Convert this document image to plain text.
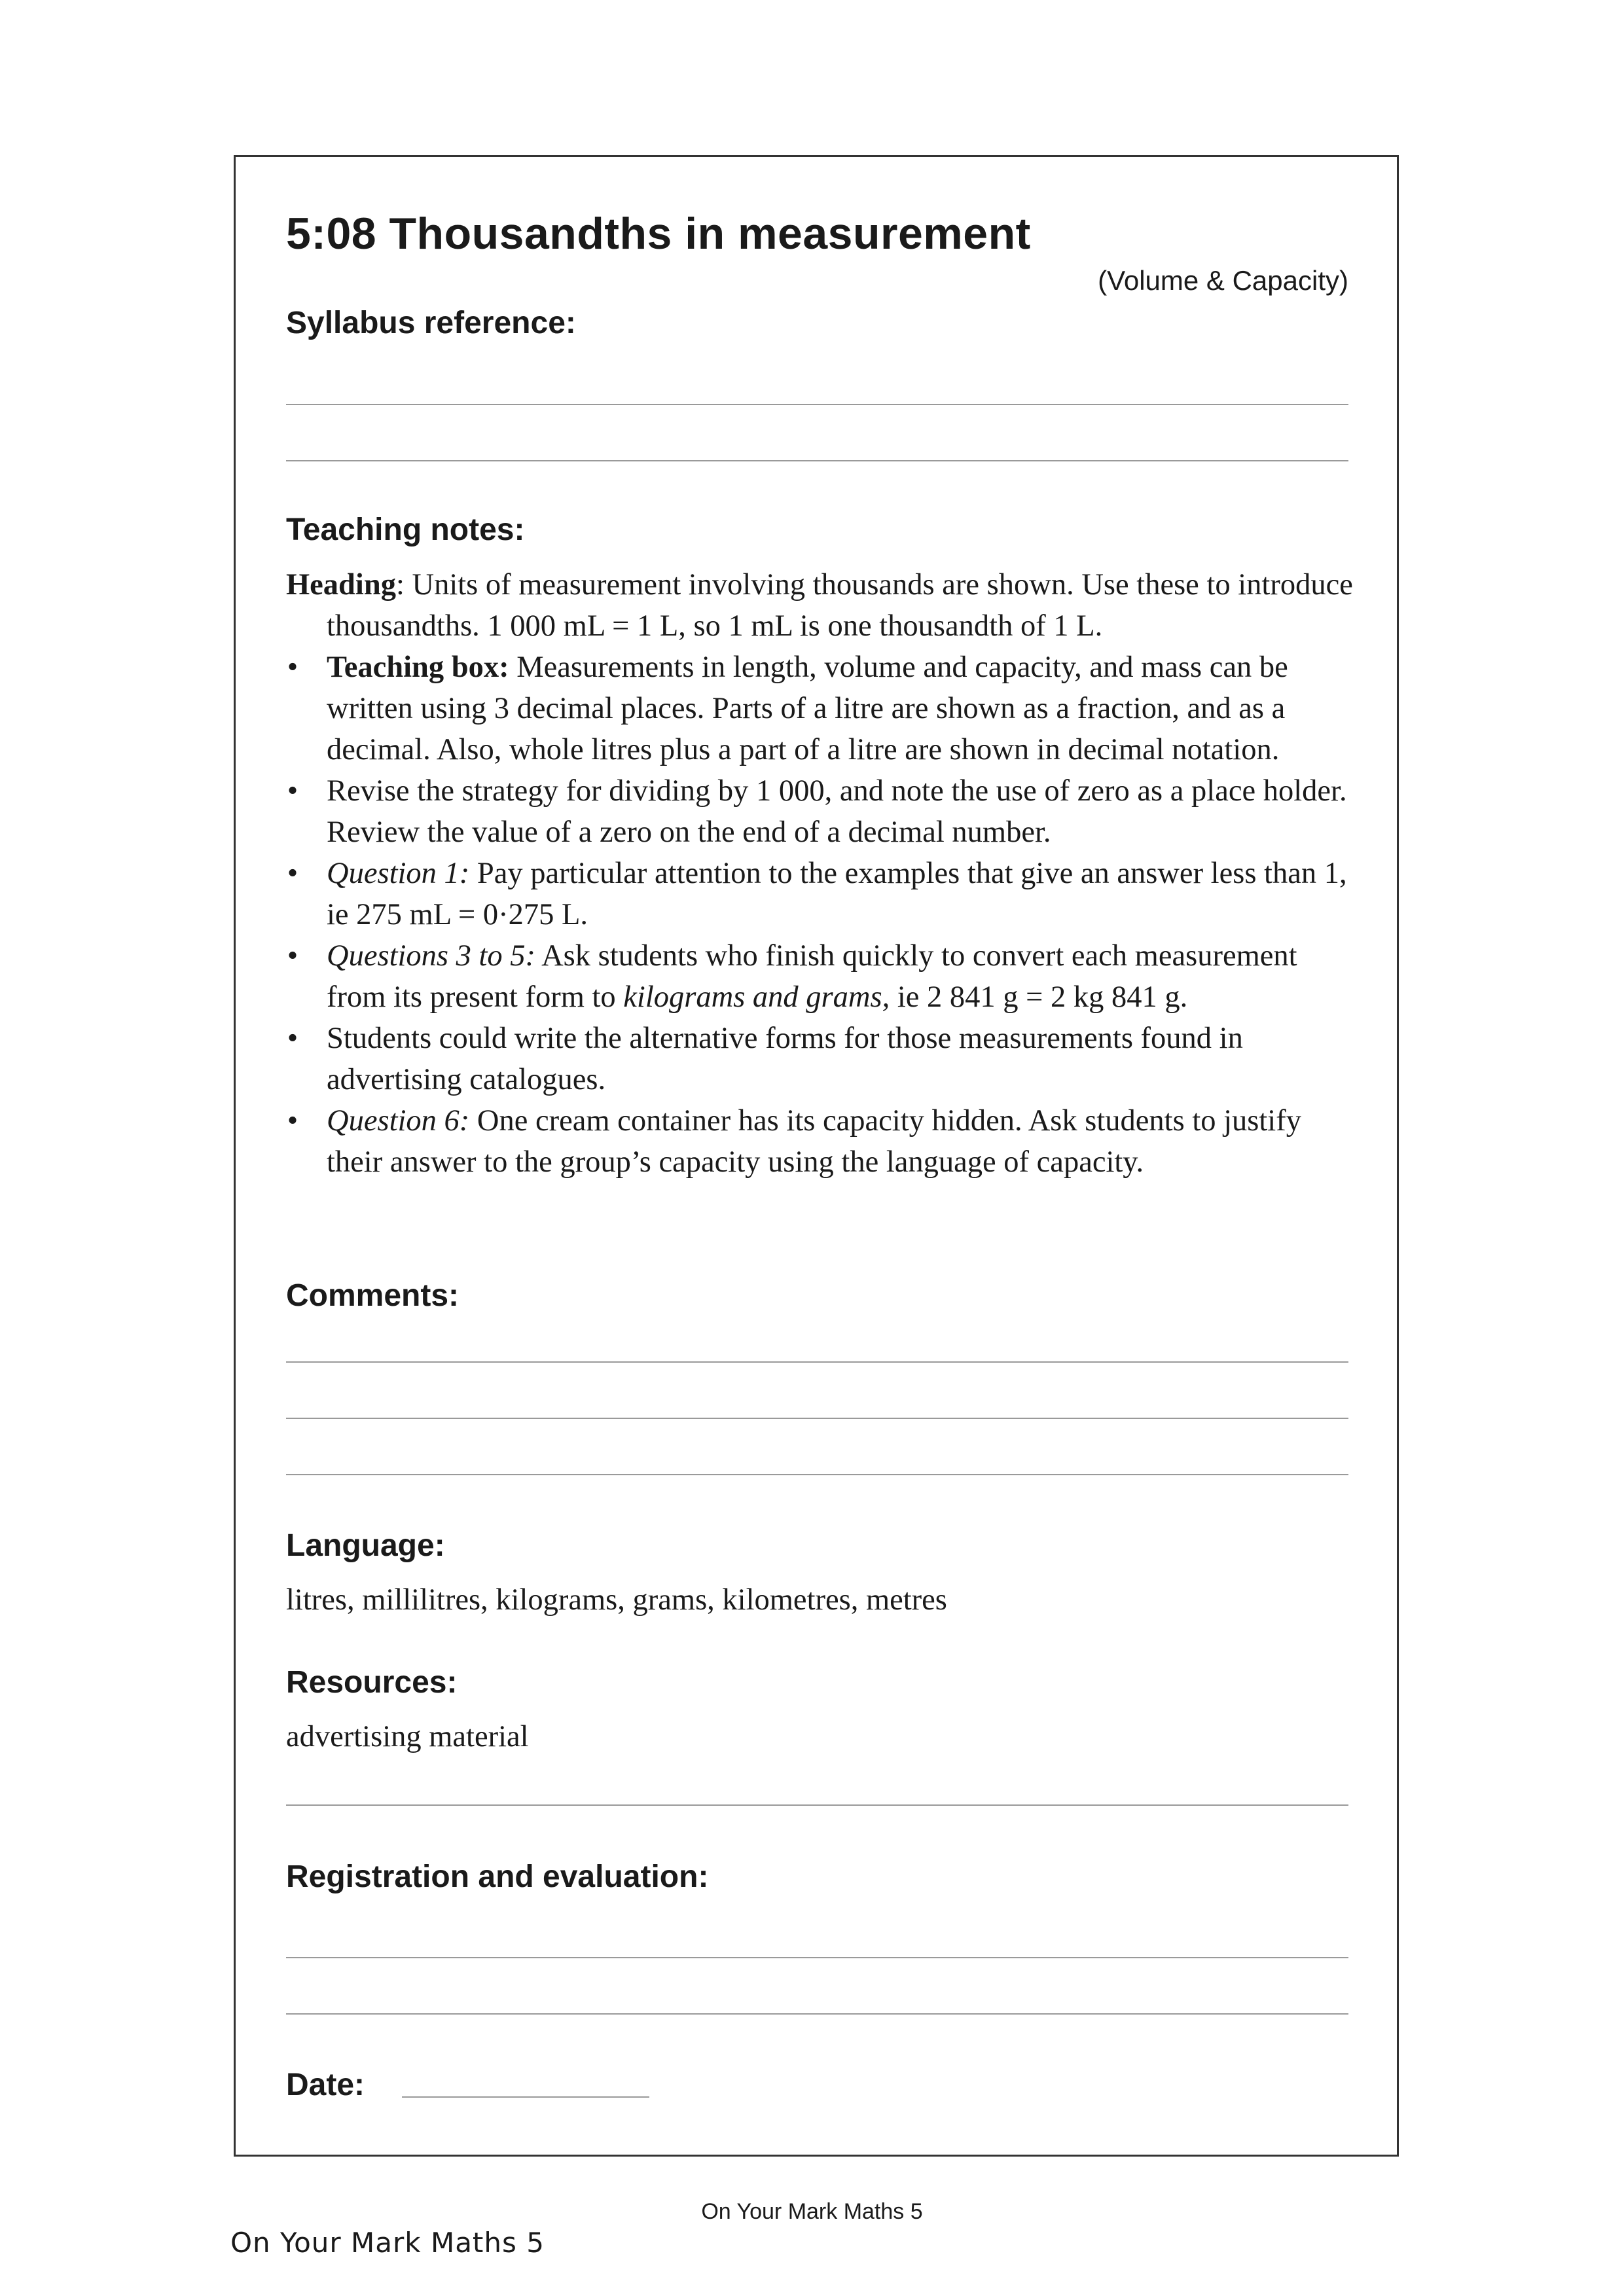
5:08 Thousandths in measurement
(Volume & Capacity)
Syllabus reference:
Teaching notes:

Heading: Units of measurement involving thousands are shown. Use these to introduce thousandths. 1 000 mL = 1 L, so 1 mL is one thousandth of 1 L.

• Teaching box: Measurements in length, volume and capacity, and mass can be written using 3 decimal places. Parts of a litre are shown as a fraction, and as a decimal. Also, whole litres plus a part of a litre are shown in decimal notation.
• Revise the strategy for dividing by 1 000, and note the use of zero as a place holder. Review the value of a zero on the end of a decimal number.
• Question 1: Pay particular attention to the examples that give an answer less than 1, ie 275 mL = 0·275 L.
• Questions 3 to 5: Ask students who finish quickly to convert each measurement from its present form to kilograms and grams, ie 2 841 g = 2 kg 841 g.
• Students could write the alternative forms for those measurements found in advertising catalogues.
• Question 6: One cream container has its capacity hidden. Ask students to justify their answer to the group’s capacity using the language of capacity.
Comments:
Language:
litres, millilitres, kilograms, grams, kilometres, metres
Resources:
advertising material
Registration and evaluation:
Date:
On Your Mark Maths 5
On Your Mark Maths 5
